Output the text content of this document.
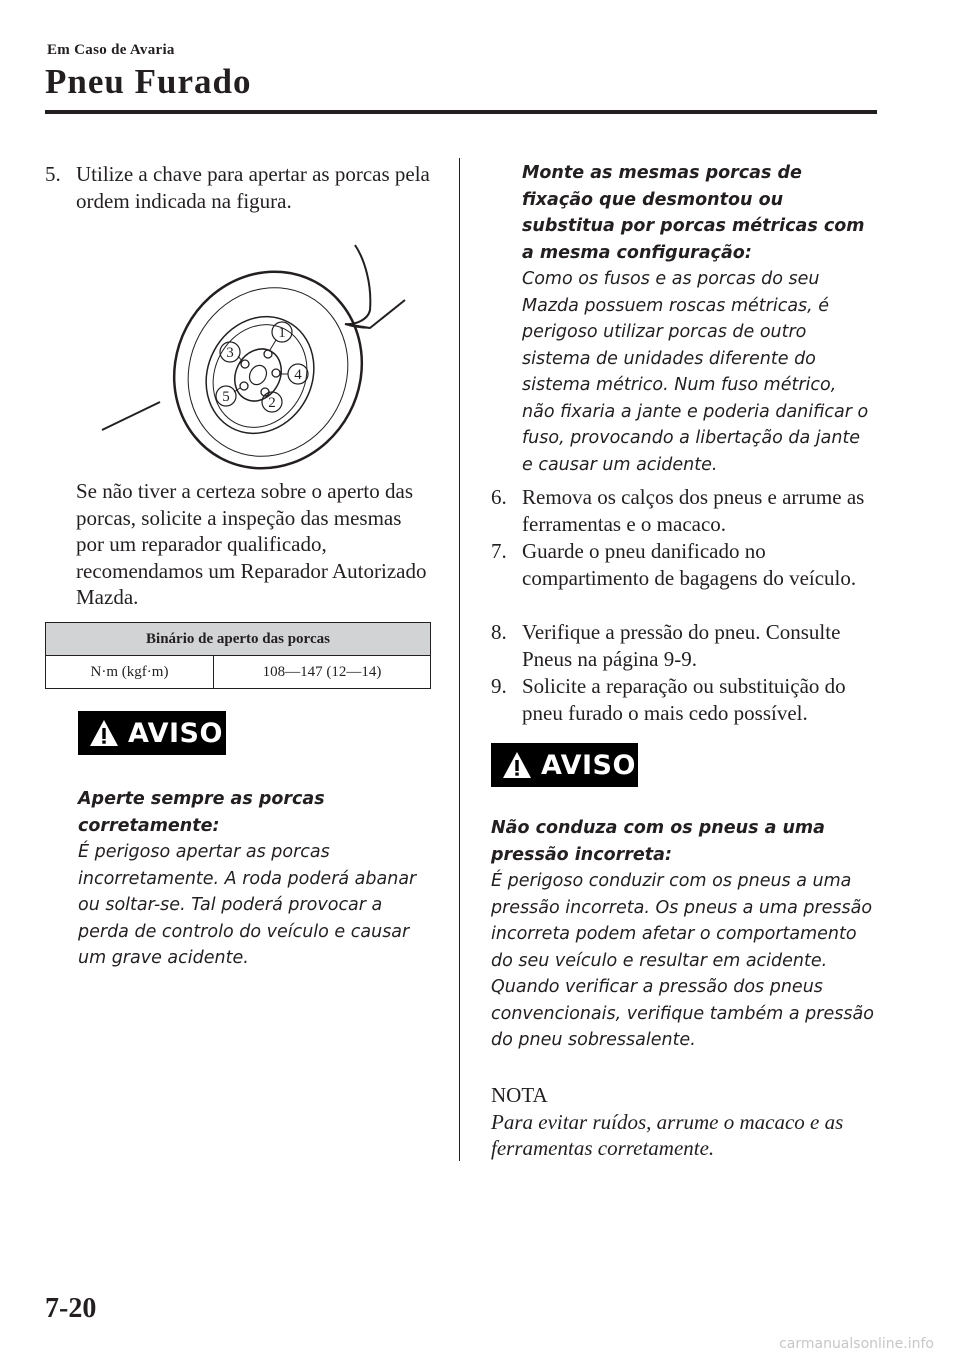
Em Caso de Avaria
Pneu Furado
5. Utilize a chave para apertar as porcas pela ordem indicada na figura.

1
2
3
4
5

Se não tiver a certeza sobre o aperto das porcas, solicite a inspeção das mesmas por um reparador qualificado, recomendamos um Reparador Autorizado Mazda.

Binário de aperto das porcas
N·m (kgf·m)	108―147 (12―14)
AVISO

Aperte sempre as porcas corretamente:

É perigoso apertar as porcas incorretamente. A roda poderá abanar ou soltar-se. Tal poderá provocar a perda de controlo do veículo e causar um grave acidente.

Monte as mesmas porcas de fixação que desmontou ou substitua por porcas métricas com a mesma configuração:

Como os fusos e as porcas do seu Mazda possuem roscas métricas, é perigoso utilizar porcas de outro sistema de unidades diferente do sistema métrico. Num fuso métrico, não fixaria a jante e poderia danificar o fuso, provocando a libertação da jante e causar um acidente.

6. Remova os calços dos pneus e arrume as ferramentas e o macaco.

7. Guarde o pneu danificado no compartimento de bagagens do veículo.

8. Verifique a pressão do pneu. Consulte Pneus na página 9-9.

9. Solicite a reparação ou substituição do pneu furado o mais cedo possível.

AVISO

Não conduza com os pneus a uma pressão incorreta:

É perigoso conduzir com os pneus a uma pressão incorreta. Os pneus a uma pressão incorreta podem afetar o comportamento do seu veículo e resultar em acidente. Quando verificar a pressão dos pneus convencionais, verifique também a pressão do pneu sobressalente.

NOTA

Para evitar ruídos, arrume o macaco e as ferramentas corretamente.

7-20
carmanualsonline.info
